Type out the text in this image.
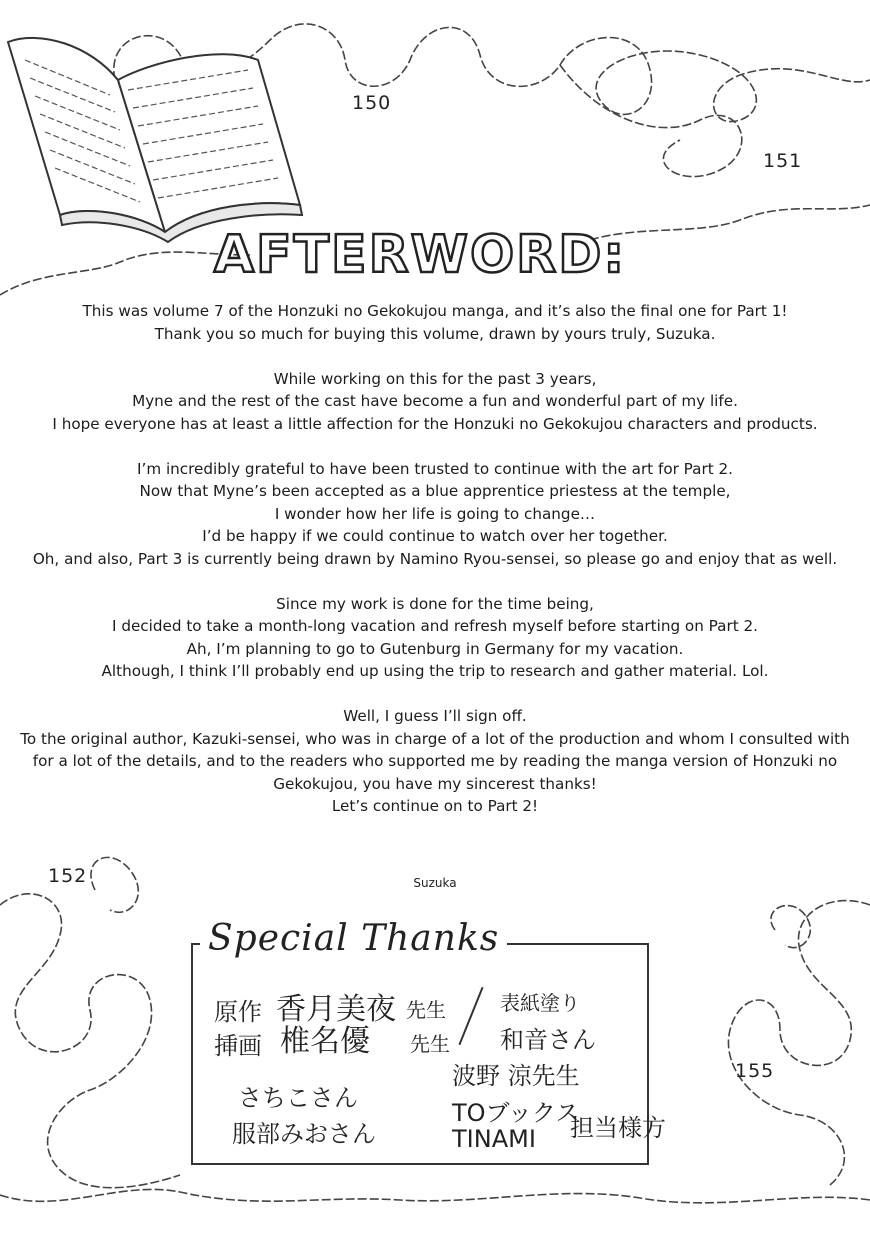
150
151
152
155
AFTERWORD:

This was volume 7 of the Honzuki no Gekokujou manga, and it’s also the final one for Part 1!
Thank you so much for buying this volume, drawn by yours truly, Suzuka.

While working on this for the past 3 years,
Myne and the rest of the cast have become a fun and wonderful part of my life.
I hope everyone has at least a little affection for the Honzuki no Gekokujou characters and products.

I’m incredibly grateful to have been trusted to continue with the art for Part 2.
Now that Myne’s been accepted as a blue apprentice priestess at the temple,
I wonder how her life is going to change…
I’d be happy if we could continue to watch over her together.
Oh, and also, Part 3 is currently being drawn by Namino Ryou-sensei, so please go and enjoy that as well.

Since my work is done for the time being,
I decided to take a month-long vacation and refresh myself before starting on Part 2.
Ah, I’m planning to go to Gutenburg in Germany for my vacation.
Although, I think I’ll probably end up using the trip to research and gather material. Lol.

Well, I guess I’ll sign off.
To the original author, Kazuki-sensei, who was in charge of a lot of the production and whom I consulted with
for a lot of the details, and to the readers who supported me by reading the manga version of Honzuki no
Gekokujou, you have my sincerest thanks!
Let’s continue on to Part 2!

Suzuka
Special Thanks
原作 香月美夜 先生
挿画 椎名優 先生
表紙塗り
和音さん
波野 涼先生
TOブックス
TINAMI 担当様方
さちこさん
服部みおさん
